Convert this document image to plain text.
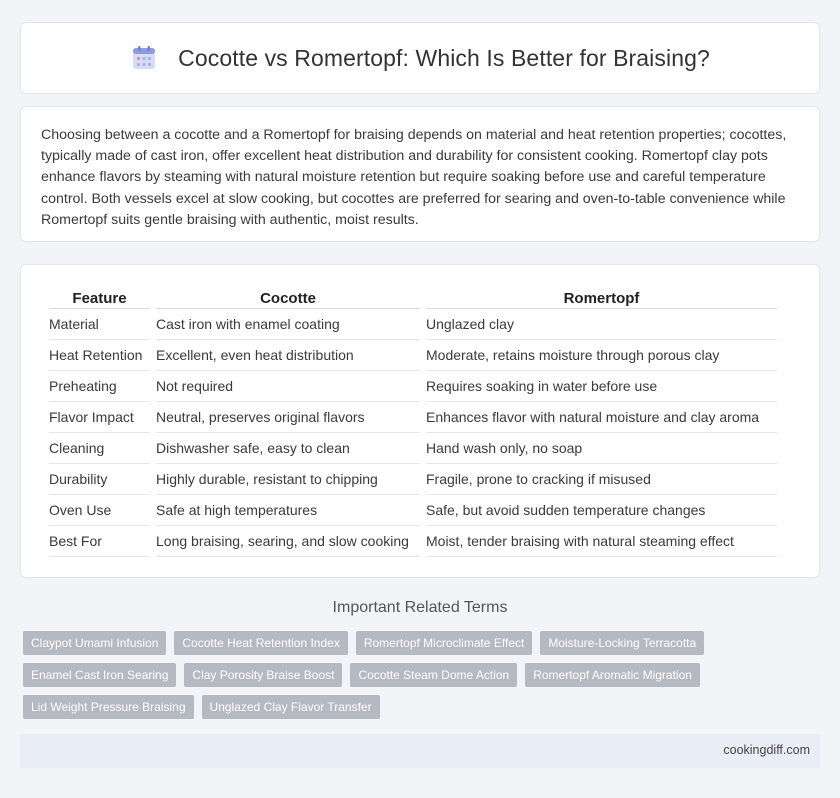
Cocotte vs Romertopf: Which Is Better for Braising?

Choosing between a cocotte and a Romertopf for braising depends on material and heat retention properties; cocottes, typically made of cast iron, offer excellent heat distribution and durability for consistent cooking. Romertopf clay pots enhance flavors by steaming with natural moisture retention but require soaking before use and careful temperature control. Both vessels excel at slow cooking, but cocottes are preferred for searing and oven-to-table convenience while Romertopf suits gentle braising with authentic, moist results.

Feature	Cocotte	Romertopf
Material	Cast iron with enamel coating	Unglazed clay
Heat Retention	Excellent, even heat distribution	Moderate, retains moisture through porous clay
Preheating	Not required	Requires soaking in water before use
Flavor Impact	Neutral, preserves original flavors	Enhances flavor with natural moisture and clay aroma
Cleaning	Dishwasher safe, easy to clean	Hand wash only, no soap
Durability	Highly durable, resistant to chipping	Fragile, prone to cracking if misused
Oven Use	Safe at high temperatures	Safe, but avoid sudden temperature changes
Best For	Long braising, searing, and slow cooking	Moist, tender braising with natural steaming effect
Important Related Terms
Claypot Umami Infusion	Cocotte Heat Retention Index	Romertopf Microclimate Effect	Moisture-Locking Terracotta
Enamel Cast Iron Searing	Clay Porosity Braise Boost	Cocotte Steam Dome Action	Romertopf Aromatic Migration
Lid Weight Pressure Braising	Unglazed Clay Flavor Transfer
cookingdiff.com
